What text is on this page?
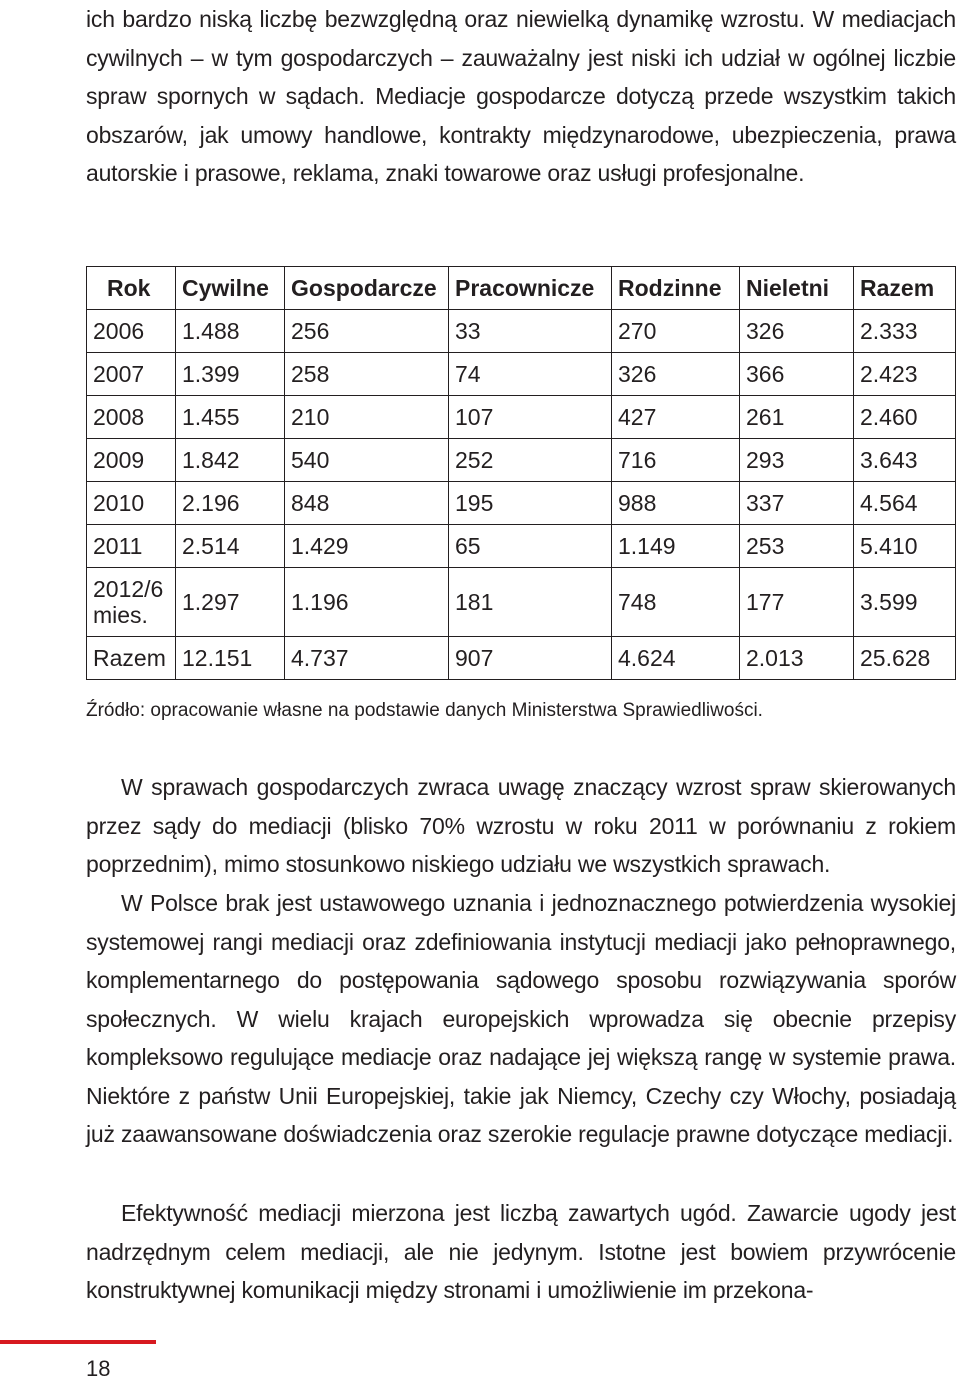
ich bardzo niską liczbę bezwzględną oraz niewielką dynamikę wzrostu. W mediacjach cywilnych – w tym gospodarczych – zauważalny jest niski ich udział w ogólnej liczbie spraw spornych w sądach. Mediacje gospodarcze dotyczą przede wszystkim takich obszarów, jak umowy handlowe, kontrakty międzynarodowe, ubezpieczenia, prawa autorskie i prasowe, reklama, znaki towarowe oraz usługi profesjonalne.

Rok	Cywilne	Gospodarcze	Pracownicze	Rodzinne	Nieletni	Razem
2006	1.488	256	33	270	326	2.333
2007	1.399	258	74	326	366	2.423
2008	1.455	210	107	427	261	2.460
2009	1.842	540	252	716	293	3.643
2010	2.196	848	195	988	337	4.564
2011	2.514	1.429	65	1.149	253	5.410
2012/6 mies.	1.297	1.196	181	748	177	3.599
Razem	12.151	4.737	907	4.624	2.013	25.628

Źródło: opracowanie własne na podstawie danych Ministerstwa Sprawiedliwości.

W sprawach gospodarczych zwraca uwagę znaczący wzrost spraw skierowanych przez sądy do mediacji (blisko 70% wzrostu w roku 2011 w porównaniu z rokiem poprzednim), mimo stosunkowo niskiego udziału we wszystkich sprawach.

W Polsce brak jest ustawowego uznania i jednoznacznego potwierdzenia wysokiej systemowej rangi mediacji oraz zdefiniowania instytucji mediacji jako pełnoprawnego, komplementarnego do postępowania sądowego sposobu rozwiązywania sporów społecznych. W wielu krajach europejskich wprowadza się obecnie przepisy kompleksowo regulujące mediacje oraz nadające jej większą rangę w systemie prawa. Niektóre z państw Unii Europejskiej, takie jak Niemcy, Czechy czy Włochy, posiadają już zaawansowane doświadczenia oraz szerokie regulacje prawne dotyczące mediacji.

Efektywność mediacji mierzona jest liczbą zawartych ugód. Zawarcie ugody jest nadrzędnym celem mediacji, ale nie jedynym. Istotne jest bowiem przywrócenie konstruktywnej komunikacji między stronami i umożliwienie im przekona-

18
